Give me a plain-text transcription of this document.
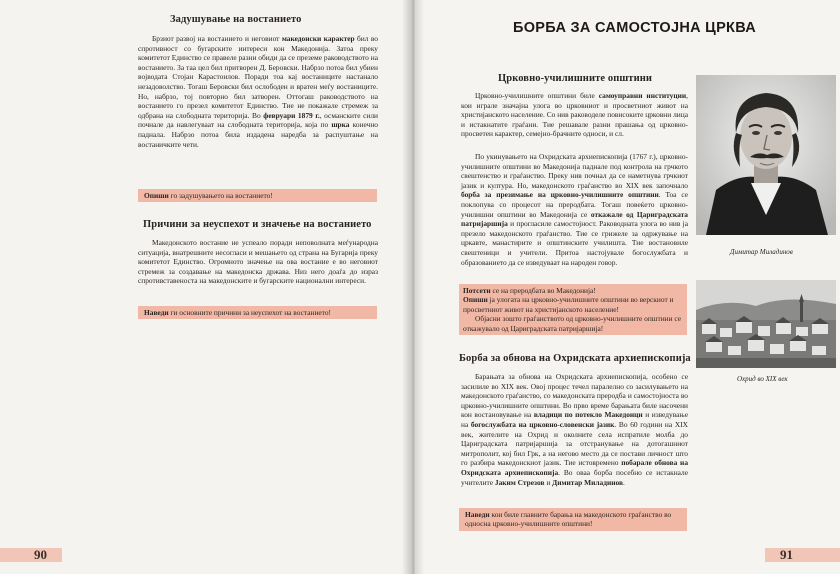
Задушување на востанието

Брзиот развој на востанието и неговиот македонски карактер бил во спротивност со бугарските интереси кон Македонија. Затоа преку комитетот Единство се правеле разни обиди да се преземе раководството на востанието. За таа цел бил притворен Д. Беровски. Набрзо потоа бил убиен војводата Стојан Карастоилов. Поради тоа кај востаниците настанало незадоволство. Тогаш Беровски бил ослободен и вратен меѓу востаниците. Но, набрзо, тој повторно бил затворен. Оттогаш раководството на востанието го презел комитетот Единство. Тие не покажале стремеж за одбрана на слободната територија. Во февруари 1879 г., османските сили почнале да навлегуваат на слободната територија, која по шрка конечно паднала. Набрзо потоа била издадена наредба за распуштање на востаничките чети.

Опиши го задушувањето на востанието!
Причини за неуспехот и значење на востанието

Македонското востание не успеало поради неповолната меѓународна ситуација, внатрешните несогласи и мешањето од страна на Бугарија преку комитетот Единство. Огромното значење на ова востание е во неговиот стремеж за создавање на македонска држава. Низ него доаѓа до израз спротивставеноста на македонските и бугарските национални интереси.

Наведи ги основните причини за неуспехот на востанието!
90
БОРБА ЗА САМОСТОЈНА ЦРКВА
Црковно-училишните општини

Црковно-училишните општини биле самоуправни институции, кои играле значајна улога во црковниот и просветниот живот на христијанското население. Со нив раководеле повисоките црковни лица и истакнатите граѓани. Тие решавале разни прашања од црковно-просветен карактер, семејно-брачните односи, и сл.

По укинувањето на Охридската архиепископија (1767 г.), црковно-училишните општини во Македонија паднале под контрола на грчкото свештенство и граѓанство. Преку нив почнал да се наметнува грчкиот јазик и култура. Но, македонското граѓанство во XIX век започнало борба за презимање на црковно-училишните општини. Тоа се поклопува со процесот на преродбата. Тогаш повеќето црковно-училишни општини во Македонија се откажале од Цариградската патријаршија и прогласиле самостојност. Раководната улога во нив ја презело македонското граѓанство. Тие се грижеле за одржување на цркавте, манастирите и општинските училишта. Тие востановиле свештеници и учители. Притоа настојувале богослужбата и образованието да се изведуваат на народен говор.

Потсети се на преродбата во Македонија!
Опиши ја улогата на црковно-училишните општини во верскиот и просветниот живот на христијанското население!
Објасни зошто граѓанството од црковно-училишните општини се откажувало од Цариградската патријаршија!
Димитар Миладинов
Охрид во XIX век
Борба за обнова на Охридската архиепископија

Барањата за обнова на Охридската архиепископија, особено се засилиле во XIX век. Овој процес течел паралелно со засилувањето на македонското граѓанство, со македонската преродба и самостојноста во црковно-училишните општини. Во прво време барањата биле насочени кон востановување на владици по потекло Македонци и изведување на богослужбата на црковно-словенски јазик. Во 60 години на XIX век, жителите на Охрид и околните села испратиле молба до Цариградската патријаршија за отстранување на дотогашниот митрополит, кој бил Грк, а на негово место да се постави личност што го разбира македонскиот јазик. Тие истовремено побарале обнова на Охридската архиепископија. Во оваа борба посебно се истакнале учителите Јаким Стрезов и Димитар Миладинов.

Наведи кои биле главните барања на македонското граѓанство во односна црковно-училишните општини!
91
